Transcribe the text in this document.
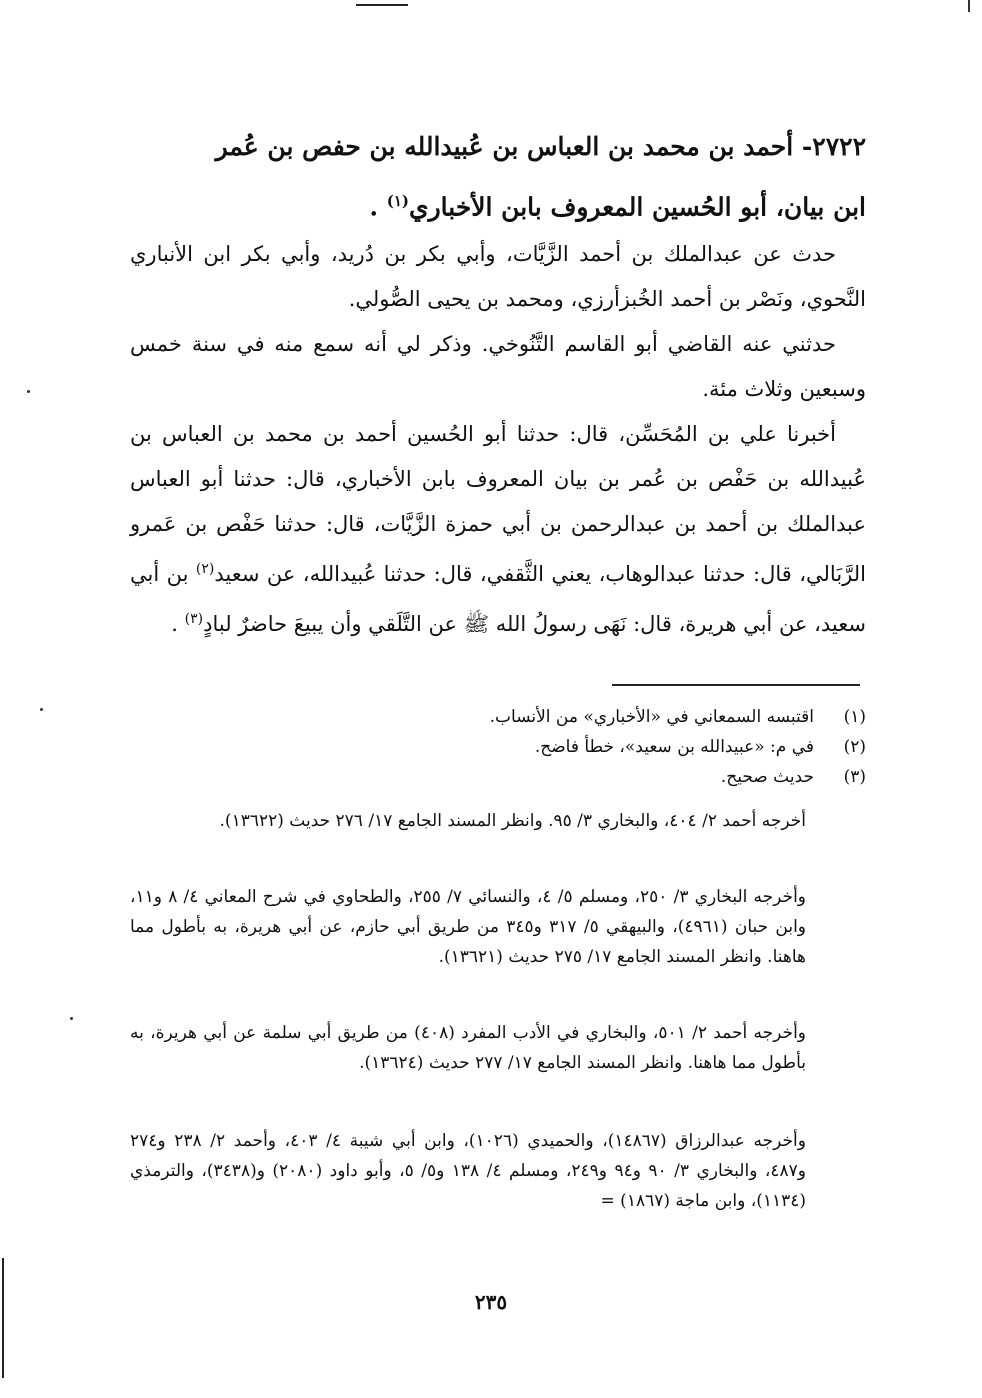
٢٧٢٢- أحمد بن محمد بن العباس بن عُبيدالله بن حفص بن عُمر
ابن بيان، أبو الحُسين المعروف بابن الأخباري$^{(١)}$ .
حدث عن عبدالملك بن أحمد الزَّيَّات، وأبي بكر بن دُريد، وأبي بكر ابن الأنباري النَّحوي، ونَصْر بن أحمد الخُبزأرزي، ومحمد بن يحيى الصُّولي.
حدثني عنه القاضي أبو القاسم التَّنُوخي. وذكر لي أنه سمع منه في سنة خمس وسبعين وثلاث مئة.
أخبرنا علي بن المُحَسِّن، قال: حدثنا أبو الحُسين أحمد بن محمد بن العباس بن عُبيدالله بن حَفْص بن عُمر بن بيان المعروف بابن الأخباري، قال: حدثنا أبو العباس عبدالملك بن أحمد بن عبدالرحمن بن أبي حمزة الزَّيَّات، قال: حدثنا حَفْص بن عَمرو الرَّبَالي، قال: حدثنا عبدالوهاب، يعني الثَّقفي، قال: حدثنا عُبيدالله، عن سعيد$^{(٢)}$ بن أبي سعيد، عن أبي هريرة، قال: نَهَى رسولُ الله ﷺ عن التَّلَقي وأن يبيعَ حاضرٌ لبادٍ$^{(٣)}$ .
(١)اقتبسه السمعاني في «الأخباري» من الأنساب.
(٢)في م: «عبيدالله بن سعيد»، خطأ فاضح.
(٣)حديث صحيح.
أخرجه أحمد ٢/ ٤٠٤، والبخاري ٣/ ٩٥. وانظر المسند الجامع ١٧/ ٢٧٦ حديث (١٣٦٢٢).
وأخرجه البخاري ٣/ ٢٥٠، ومسلم ٥/ ٤، والنسائي ٧/ ٢٥٥، والطحاوي في شرح المعاني ٤/ ٨ و١١، وابن حبان (٤٩٦١)، والبيهقي ٥/ ٣١٧ و٣٤٥ من طريق أبي حازم، عن أبي هريرة، به بأطول مما هاهنا. وانظر المسند الجامع ١٧/ ٢٧٥ حديث (١٣٦٢١).
وأخرجه أحمد ٢/ ٥٠١، والبخاري في الأدب المفرد (٤٠٨) من طريق أبي سلمة عن أبي هريرة، به بأطول مما هاهنا. وانظر المسند الجامع ١٧/ ٢٧٧ حديث (١٣٦٢٤).
وأخرجه عبدالرزاق (١٤٨٦٧)، والحميدي (١٠٢٦)، وابن أبي شيبة ٤/ ٤٠٣، وأحمد ٢/ ٢٣٨ و٢٧٤ و٤٨٧، والبخاري ٣/ ٩٠ و٩٤ و٢٤٩، ومسلم ٤/ ١٣٨ و٥/ ٥، وأبو داود (٢٠٨٠) و(٣٤٣٨)، والترمذي (١١٣٤)، وابن ماجة (١٨٦٧) =
٢٣٥
